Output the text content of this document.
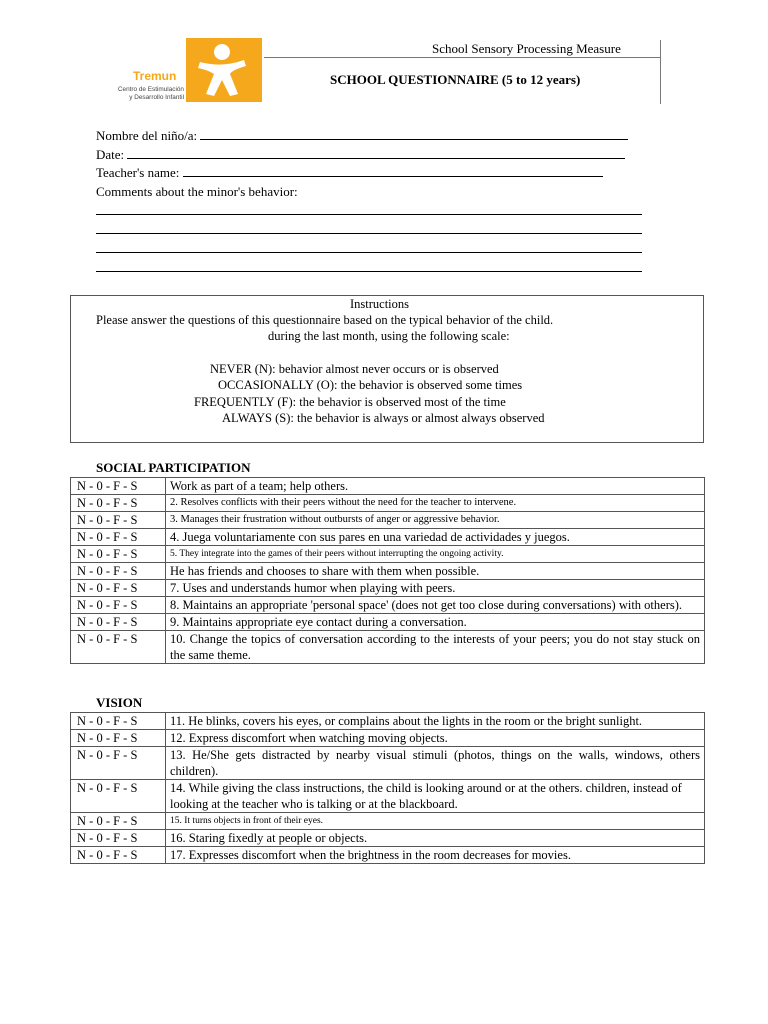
Tremun
Centro de Estimulación
y Desarrollo Infantil
School Sensory Processing Measure
SCHOOL QUESTIONNAIRE (5 to 12 years)
Nombre del niño/a:
Date:
Teacher's name:
Comments about the minor's behavior:
Instructions
Please answer the questions of this questionnaire based on the typical behavior of the child.
during the last month, using the following scale:
NEVER (N): behavior almost never occurs or is observed
OCCASIONALLY (O): the behavior is observed some times
FREQUENTLY (F): the behavior is observed most of the time
ALWAYS (S): the behavior is always or almost always observed
SOCIAL PARTICIPATION
N - 0 - F - S	Work as part of a team; help others.
N - 0 - F - S	2. Resolves conflicts with their peers without the need for the teacher to intervene.
N - 0 - F - S	3. Manages their frustration without outbursts of anger or aggressive behavior.
N - 0 - F - S	4. Juega voluntariamente con sus pares en una variedad de actividades y juegos.
N - 0 - F - S	5. They integrate into the games of their peers without interrupting the ongoing activity.
N - 0 - F - S	He has friends and chooses to share with them when possible.
N - 0 - F - S	7. Uses and understands humor when playing with peers.
N - 0 - F - S	8. Maintains an appropriate 'personal space' (does not get too close during conversations) with others).
N - 0 - F - S	9. Maintains appropriate eye contact during a conversation.
N - 0 - F - S	10. Change the topics of conversation according to the interests of your peers; you do not stay stuck on the same theme.
VISION
N - 0 - F - S	11. He blinks, covers his eyes, or complains about the lights in the room or the bright sunlight.
N - 0 - F - S	12. Express discomfort when watching moving objects.
N - 0 - F - S	13. He/She gets distracted by nearby visual stimuli (photos, things on the walls, windows, others children).
N - 0 - F - S	14. While giving the class instructions, the child is looking around or at the others. children, instead of looking at the teacher who is talking or at the blackboard.
N - 0 - F - S	15. It turns objects in front of their eyes.
N - 0 - F - S	16. Staring fixedly at people or objects.
N - 0 - F - S	17. Expresses discomfort when the brightness in the room decreases for movies.
